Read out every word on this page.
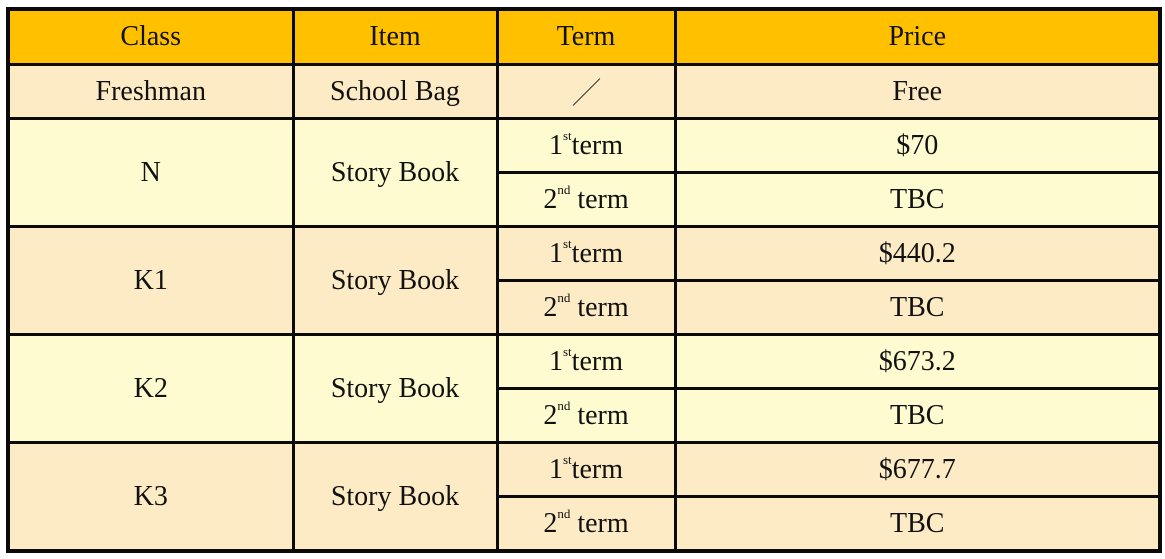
Class	Item	Term	Price
Freshman	School Bag		Free
N	Story Book	1stterm	$70
		2nd term	TBC
K1	Story Book	1stterm	$440.2
		2nd term	TBC
K2	Story Book	1stterm	$673.2
		2nd term	TBC
K3	Story Book	1stterm	$677.7
		2nd term	TBC
